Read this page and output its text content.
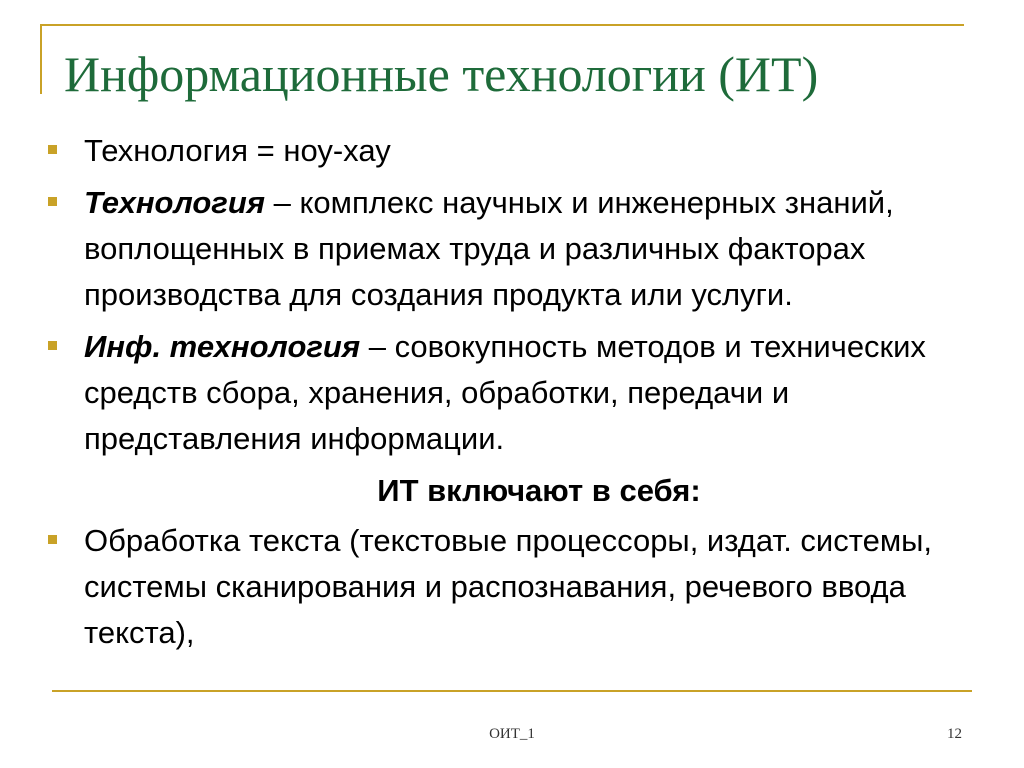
Информационные технологии (ИТ)
Технология = ноу-хау
Технология – комплекс научных и инженерных знаний, воплощенных в приемах труда и различных факторах производства для создания продукта или услуги.
Инф. технология – совокупность методов и технических средств сбора, хранения, обработки, передачи и представления информации.
ИТ включают в себя:
Обработка текста (текстовые процессоры, издат. системы, системы сканирования и распознавания, речевого ввода текста),
ОИТ_1	12
